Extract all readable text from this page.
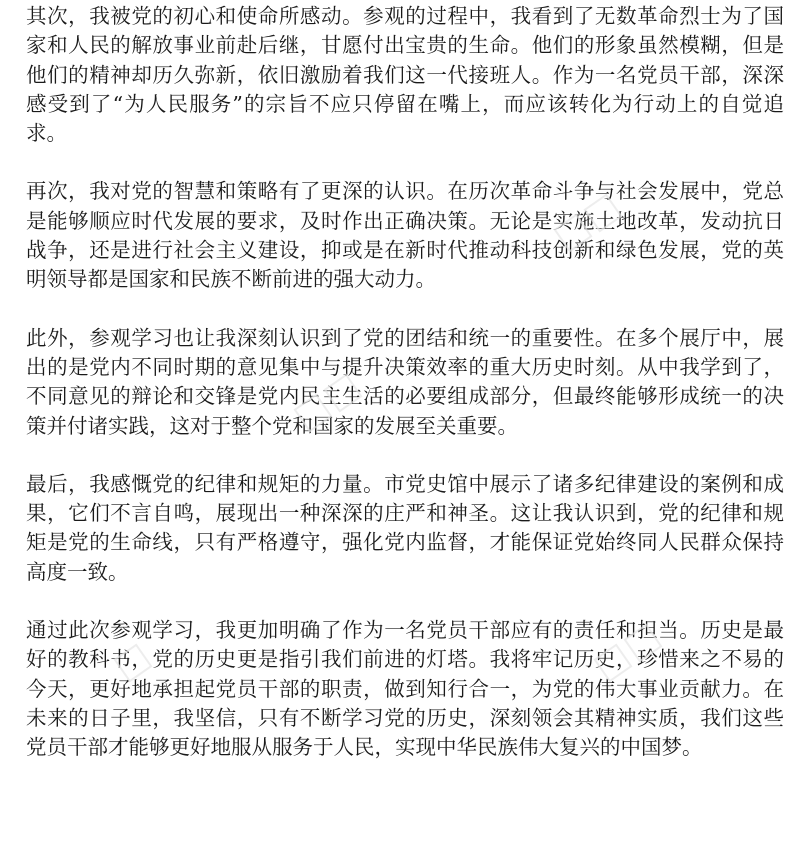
其次，我被党的初心和使命所感动。参观的过程中，我看到了无数革命烈士为了国家和人民的解放事业前赴后继，甘愿付出宝贵的生命。他们的形象虽然模糊，但是他们的精神却历久弥新，依旧激励着我们这一代接班人。作为一名党员干部，深深感受到了“为人民服务”的宗旨不应只停留在嘴上，而应该转化为行动上的自觉追求。

再次，我对党的智慧和策略有了更深的认识。在历次革命斗争与社会发展中，党总是能够顺应时代发展的要求，及时作出正确决策。无论是实施土地改革，发动抗日战争，还是进行社会主义建设，抑或是在新时代推动科技创新和绿色发展，党的英明领导都是国家和民族不断前进的强大动力。

此外，参观学习也让我深刻认识到了党的团结和统一的重要性。在多个展厅中，展出的是党内不同时期的意见集中与提升决策效率的重大历史时刻。从中我学到了，不同意见的辩论和交锋是党内民主生活的必要组成部分，但最终能够形成统一的决策并付诸实践，这对于整个党和国家的发展至关重要。

最后，我感慨党的纪律和规矩的力量。市党史馆中展示了诸多纪律建设的案例和成果，它们不言自鸣，展现出一种深深的庄严和神圣。这让我认识到，党的纪律和规矩是党的生命线，只有严格遵守，强化党内监督，才能保证党始终同人民群众保持高度一致。

通过此次参观学习，我更加明确了作为一名党员干部应有的责任和担当。历史是最好的教科书，党的历史更是指引我们前进的灯塔。我将牢记历史，珍惜来之不易的今天，更好地承担起党员干部的职责，做到知行合一，为党的伟大事业贡献力。在未来的日子里，我坚信，只有不断学习党的历史，深刻领会其精神实质，我们这些党员干部才能够更好地服从服务于人民，实现中华民族伟大复兴的中国梦。
